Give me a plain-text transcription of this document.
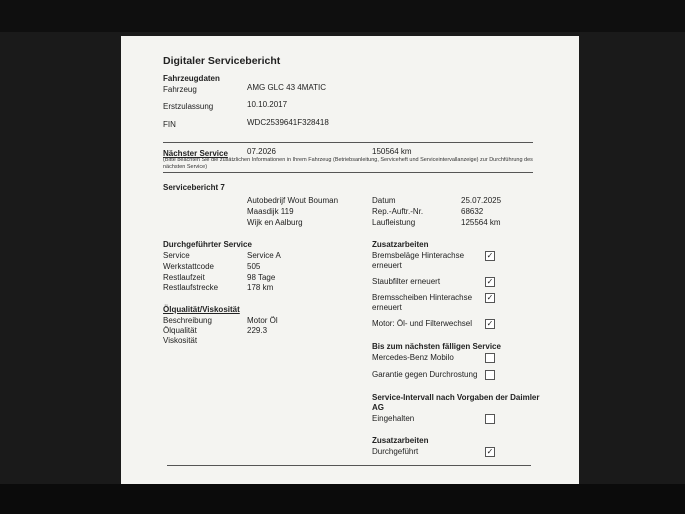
Digitaler Servicebericht
Fahrzeugdaten
Fahrzeug	AMG GLC 43 4MATIC
Erstzulassung	10.10.2017
FIN	WDC2539641F328418
Nächster Service 07.2026	150564 km
(Bitte beachten Sie die zusätzlichen Informationen in Ihrem Fahrzeug (Betriebsanleitung, Serviceheft und Serviceintervallanzeige) zur Durchführung des nächsten Service)
Servicebericht 7
Autobedrijf Wout Bouman
Maasdijk 119
Wijk en Aalburg
Datum	25.07.2025
Rep.-Auftr.-Nr.	68632
Laufleistung	125564 km
Durchgeführter Service
Service	Service A
Werkstattcode	505
Restlaufzeit	98 Tage
Restlaufstrecke	178 km
Ölqualität/Viskosität
Beschreibung	Motor Öl
Ölqualität	229.3
Viskosität
Zusatzarbeiten
Bremsbeläge Hinterachse erneuert
✓
Staubfilter erneuert	✓
Bremsscheiben Hinterachse erneuert
✓
Motor: Öl- und Filterwechsel ✓
Bis zum nächsten fälligen Service
Mercedes-Benz Mobilo
Garantie gegen Durchrostung
Service-Intervall nach Vorgaben der Daimler AG
Eingehalten
Zusatzarbeiten
Durchgeführt	✓
